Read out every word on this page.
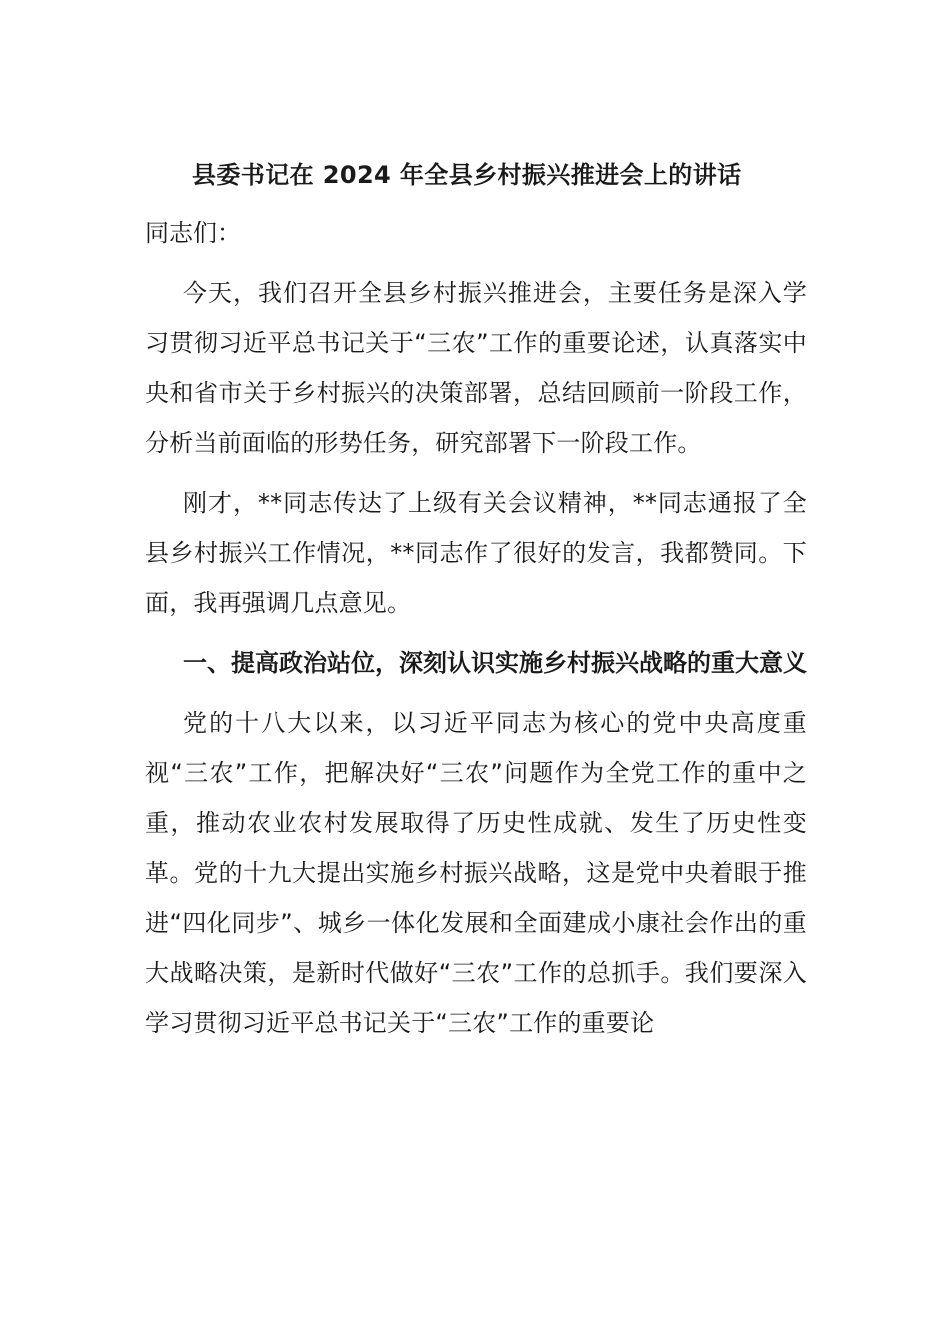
县委书记在 2024 年全县乡村振兴推进会上的讲话

同志们：

今天，我们召开全县乡村振兴推进会，主要任务是深入学习贯彻习近平总书记关于“三农”工作的重要论述，认真落实中央和省市关于乡村振兴的决策部署，总结回顾前一阶段工作，分析当前面临的形势任务，研究部署下一阶段工作。

刚才，**同志传达了上级有关会议精神，**同志通报了全县乡村振兴工作情况，**同志作了很好的发言，我都赞同。下面，我再强调几点意见。

一、提高政治站位，深刻认识实施乡村振兴战略的重大意义

党的十八大以来，以习近平同志为核心的党中央高度重视“三农”工作，把解决好“三农”问题作为全党工作的重中之重，推动农业农村发展取得了历史性成就、发生了历史性变革。党的十九大提出实施乡村振兴战略，这是党中央着眼于推进“四化同步”、城乡一体化发展和全面建成小康社会作出的重大战略决策，是新时代做好“三农”工作的总抓手。我们要深入学习贯彻习近平总书记关于“三农”工作的重要论
